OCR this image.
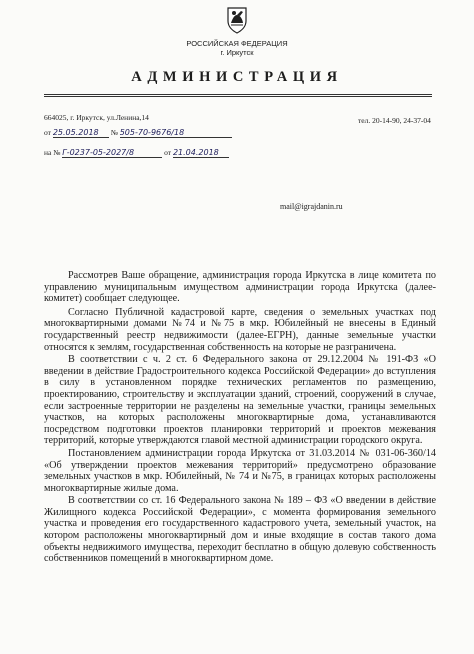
РОССИЙСКАЯ ФЕДЕРАЦИЯ
г. Иркутск
АДМИНИСТРАЦИЯ
664025, г. Иркутск, ул.Ленина,14	тел. 20-14-90, 24-37-04
от 25.05.2018 № 505-70-9676/18
на № Г-0237-05-2027/8	от 21.04.2018
mail@igrajdanin.ru

Рассмотрев Ваше обращение, администрация города Иркутска в лице комитета по управлению муниципальным имуществом администрации города Иркутска (далее-комитет) сообщает следующее.

Согласно Публичной кадастровой карте, сведения о земельных участках под многоквартирными домами №74 и №75 в мкр. Юбилейный не внесены в Единый государственный реестр недвижимости (далее-ЕГРН), данные земельные участки относятся к землям, государственная собственность на которые не разграничена.

В соответствии с ч. 2 ст. 6 Федерального закона от 29.12.2004 № 191-ФЗ «О введении в действие Градостроительного кодекса Российской Федерации» до вступления в силу в установленном порядке технических регламентов по размещению, проектированию, строительству и эксплуатации зданий, строений, сооружений в случае, если застроенные территории не разделены на земельные участки, границы земельных участков, на которых расположены многоквартирные дома, устанавливаются посредством подготовки проектов планировки территорий и проектов межевания территорий, которые утверждаются главой местной администрации городского округа.

Постановлением администрации города Иркутска от 31.03.2014 № 031-06-360/14 «Об утверждении проектов межевания территорий» предусмотрено образование земельных участков в мкр. Юбилейный, № 74 и №75, в границах которых расположены многоквартирные жилые дома.

В соответствии со ст. 16 Федерального закона № 189 – ФЗ «О введении в действие Жилищного кодекса Российской Федерации», с момента формирования земельного участка и проведения его государственного кадастрового учета, земельный участок, на котором расположены многоквартирный дом и иные входящие в состав такого дома объекты недвижимого имущества, переходит бесплатно в общую долевую собственность собственников помещений в многоквартирном доме.
